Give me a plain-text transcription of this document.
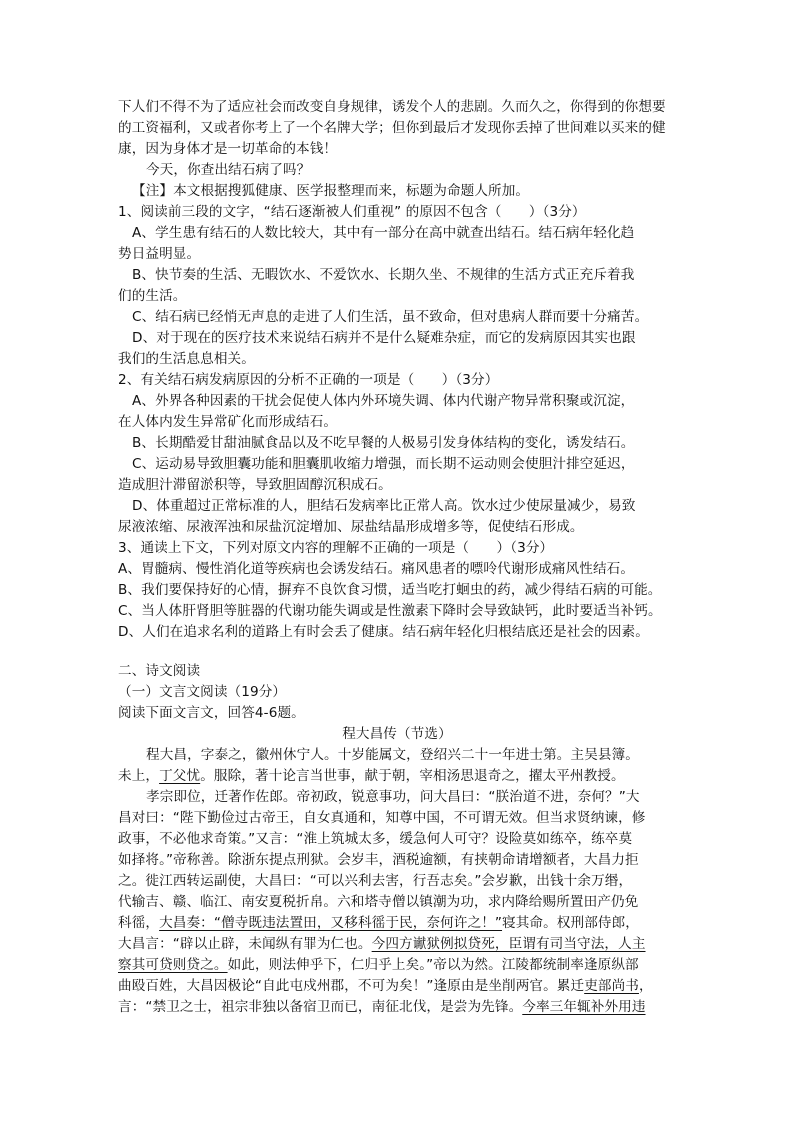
下人们不得不为了适应社会而改变自身规律，诱发个人的悲剧。久而久之，你得到的你想要
的工资福利，又或者你考上了一个名牌大学；但你到最后才发现你丢掉了世间难以买来的健
康，因为身体才是一切革命的本钱！
今天，你查出结石病了吗？
【注】本文根据搜狐健康、医学报整理而来，标题为命题人所加。
1、阅读前三段的文字，“结石逐渐被人们重视” 的原因不包含（　　）（3分）
A、学生患有结石的人数比较大，其中有一部分在高中就查出结石。结石病年轻化趋
势日益明显。
B、快节奏的生活、无暇饮水、不爱饮水、长期久坐、不规律的生活方式正充斥着我
们的生活。
C、结石病已经悄无声息的走进了人们生活，虽不致命，但对患病人群而要十分痛苦。
D、对于现在的医疗技术来说结石病并不是什么疑难杂症，而它的发病原因其实也跟
我们的生活息息相关。
2、有关结石病发病原因的分析不正确的一项是（　　）（3分）
A、外界各种因素的干扰会促使人体内外环境失调、体内代谢产物异常积聚或沉淀，
在人体内发生异常矿化而形成结石。
B、长期酷爱甘甜油腻食品以及不吃早餐的人极易引发身体结构的变化，诱发结石。
C、运动易导致胆囊功能和胆囊肌收缩力增强，而长期不运动则会使胆汁排空延迟，
造成胆汁滞留淤积等，导致胆固醇沉积成石。
D、体重超过正常标准的人，胆结石发病率比正常人高。饮水过少使尿量减少，易致
尿液浓缩、尿液浑浊和尿盐沉淀增加、尿盐结晶形成增多等，促使结石形成。
3、通读上下文，下列对原文内容的理解不正确的一项是（　　）（3分）
A、胃髓病、慢性消化道等疾病也会诱发结石。痛风患者的嘌呤代谢形成痛风性结石。
B、我们要保持好的心情，摒弃不良饮食习惯，适当吃打蛔虫的药，减少得结石病的可能。
C、当人体肝肾胆等脏器的代谢功能失调或是性激素下降时会导致缺钙，此时要适当补钙。
D、人们在追求名利的道路上有时会丢了健康。结石病年轻化归根结底还是社会的因素。
二、诗文阅读
（一）文言文阅读（19分）
阅读下面文言文，回答4-6题。
程大昌传（节选）
程大昌，字泰之，徽州休宁人。十岁能属文，登绍兴二十一年进士第。主吴县簿。
未上，丁父忧。服除，著十论言当世事，献于朝，宰相汤思退奇之，擢太平州教授。
孝宗即位，迁著作佐郎。帝初政，锐意事功，问大昌曰：“朕治道不进，奈何？”大
昌对曰：“陛下勤俭过古帝王，自女真通和，知尊中国，不可谓无效。但当求贤纳谏，修
政事，不必他求奇策。”又言：“淮上筑城太多，缓急何人可守？设险莫如练卒，练卒莫
如择将。”帝称善。除浙东提点刑狱。会岁丰，酒税逾额，有挟朝命请增额者，大昌力拒
之。徙江西转运副使，大昌曰：“可以兴利去害，行吾志矣。”会岁歉，出钱十余万缗，
代输吉、赣、临江、南安夏税折帛。六和塔寺僧以镇潮为功，求内降给赐所置田产仍免
科徭，大昌奏：“僧寺既违法置田，又移科徭于民，奈何许之！”寝其命。权刑部侍郎，
大昌言：“辟以止辟，未闻纵有罪为仁也。今四方谳狱例拟贷死，臣谓有司当守法，人主
察其可贷则贷之。如此，则法伸乎下，仁归乎上矣。”帝以为然。江陵都统制率逢原纵部
曲殴百姓，大昌因极论“自此屯戍州郡，不可为矣！”逢原由是坐削两官。累迁吏部尚书，
言：“禁卫之士，祖宗非独以备宿卫而已，南征北伐，是尝为先锋。今率三年辄补外用违
